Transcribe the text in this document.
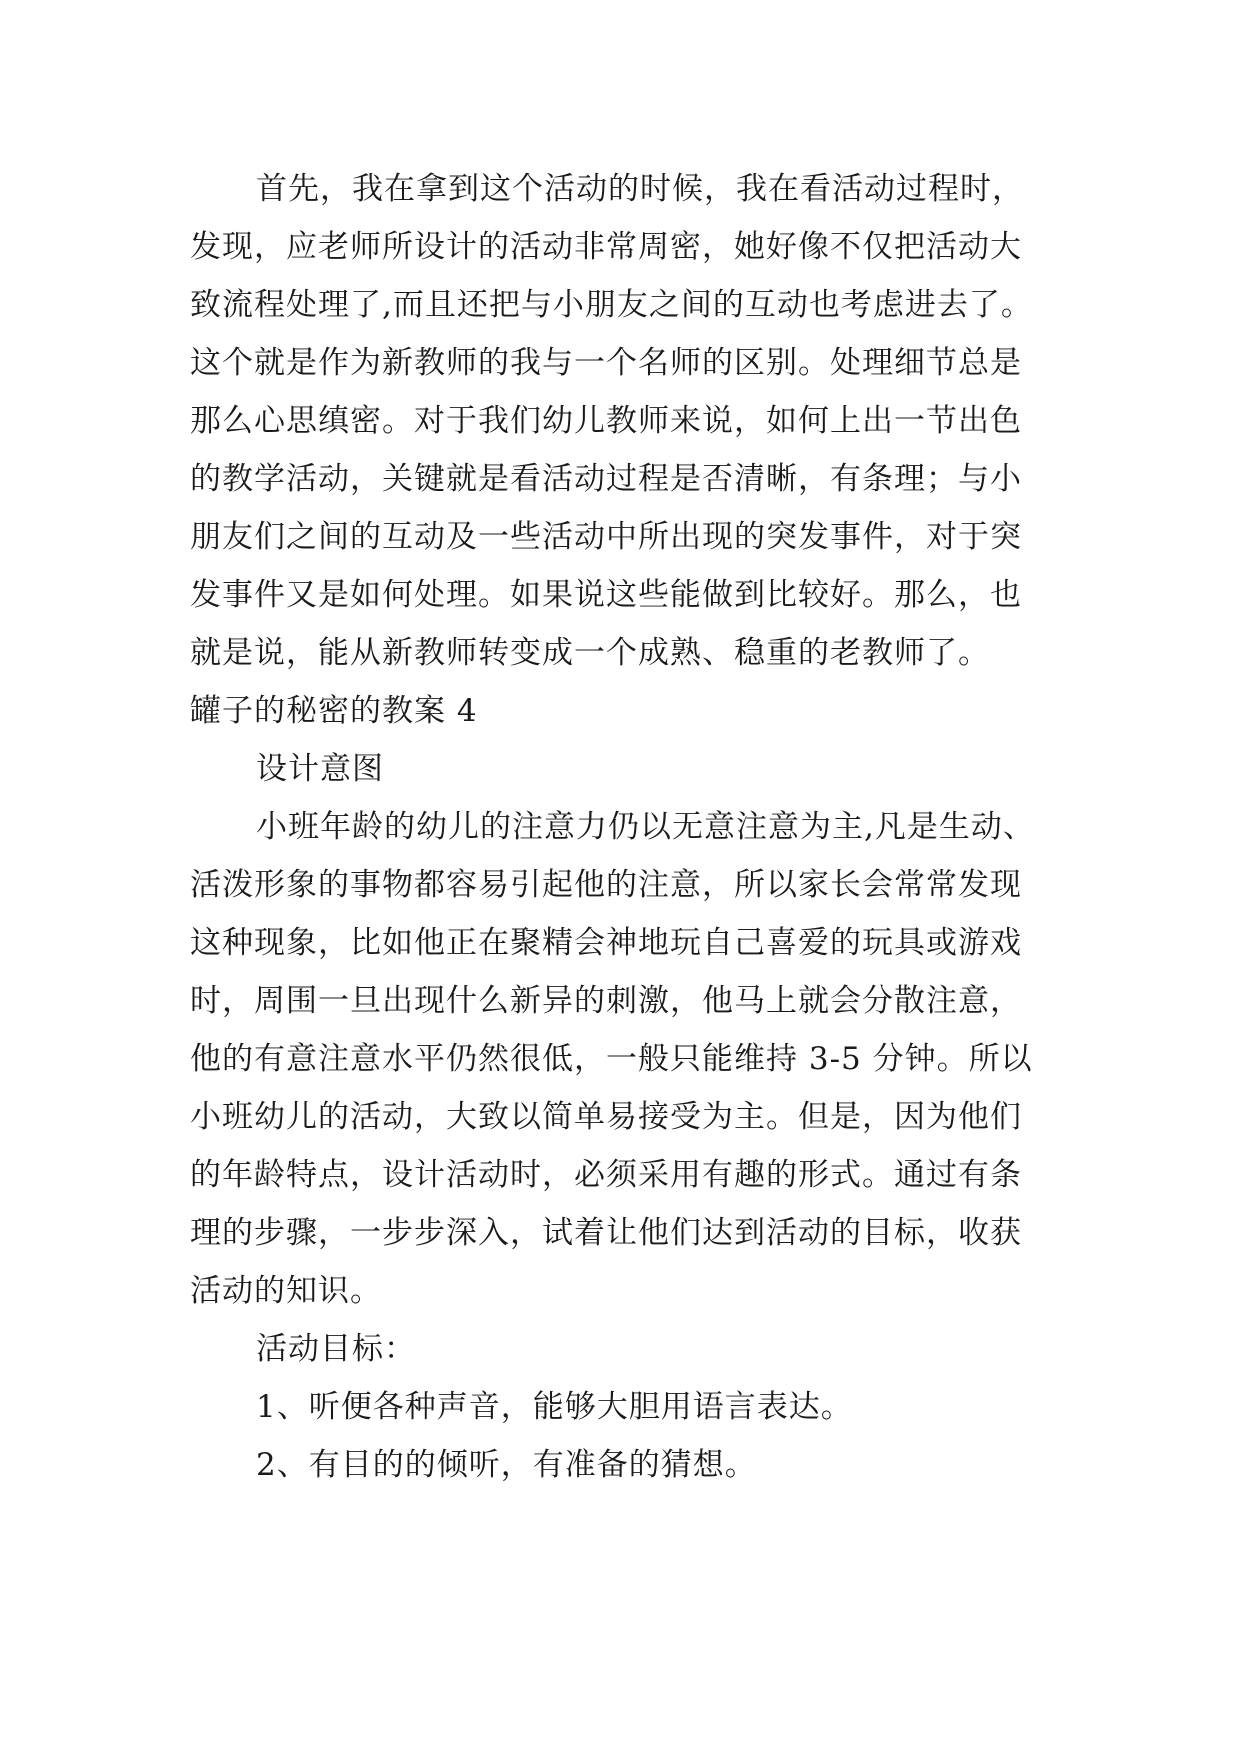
首先，我在拿到这个活动的时候，我在看活动过程时，

发现，应老师所设计的活动非常周密，她好像不仅把活动大

致流程处理了,而且还把与小朋友之间的互动也考虑进去了。

这个就是作为新教师的我与一个名师的区别。处理细节总是

那么心思缜密。对于我们幼儿教师来说，如何上出一节出色

的教学活动，关键就是看活动过程是否清晰，有条理；与小

朋友们之间的互动及一些活动中所出现的突发事件，对于突

发事件又是如何处理。如果说这些能做到比较好。那么，也

就是说，能从新教师转变成一个成熟、稳重的老教师了。

罐子的秘密的教案 4

设计意图

小班年龄的幼儿的注意力仍以无意注意为主,凡是生动、

活泼形象的事物都容易引起他的注意，所以家长会常常发现

这种现象，比如他正在聚精会神地玩自己喜爱的玩具或游戏

时，周围一旦出现什么新异的刺激，他马上就会分散注意，

他的有意注意水平仍然很低，一般只能维持 3-5 分钟。所以

小班幼儿的活动，大致以简单易接受为主。但是，因为他们

的年龄特点，设计活动时，必须采用有趣的形式。通过有条

理的步骤，一步步深入，试着让他们达到活动的目标，收获

活动的知识。

活动目标：

1、听便各种声音，能够大胆用语言表达。

2、有目的的倾听，有准备的猜想。
